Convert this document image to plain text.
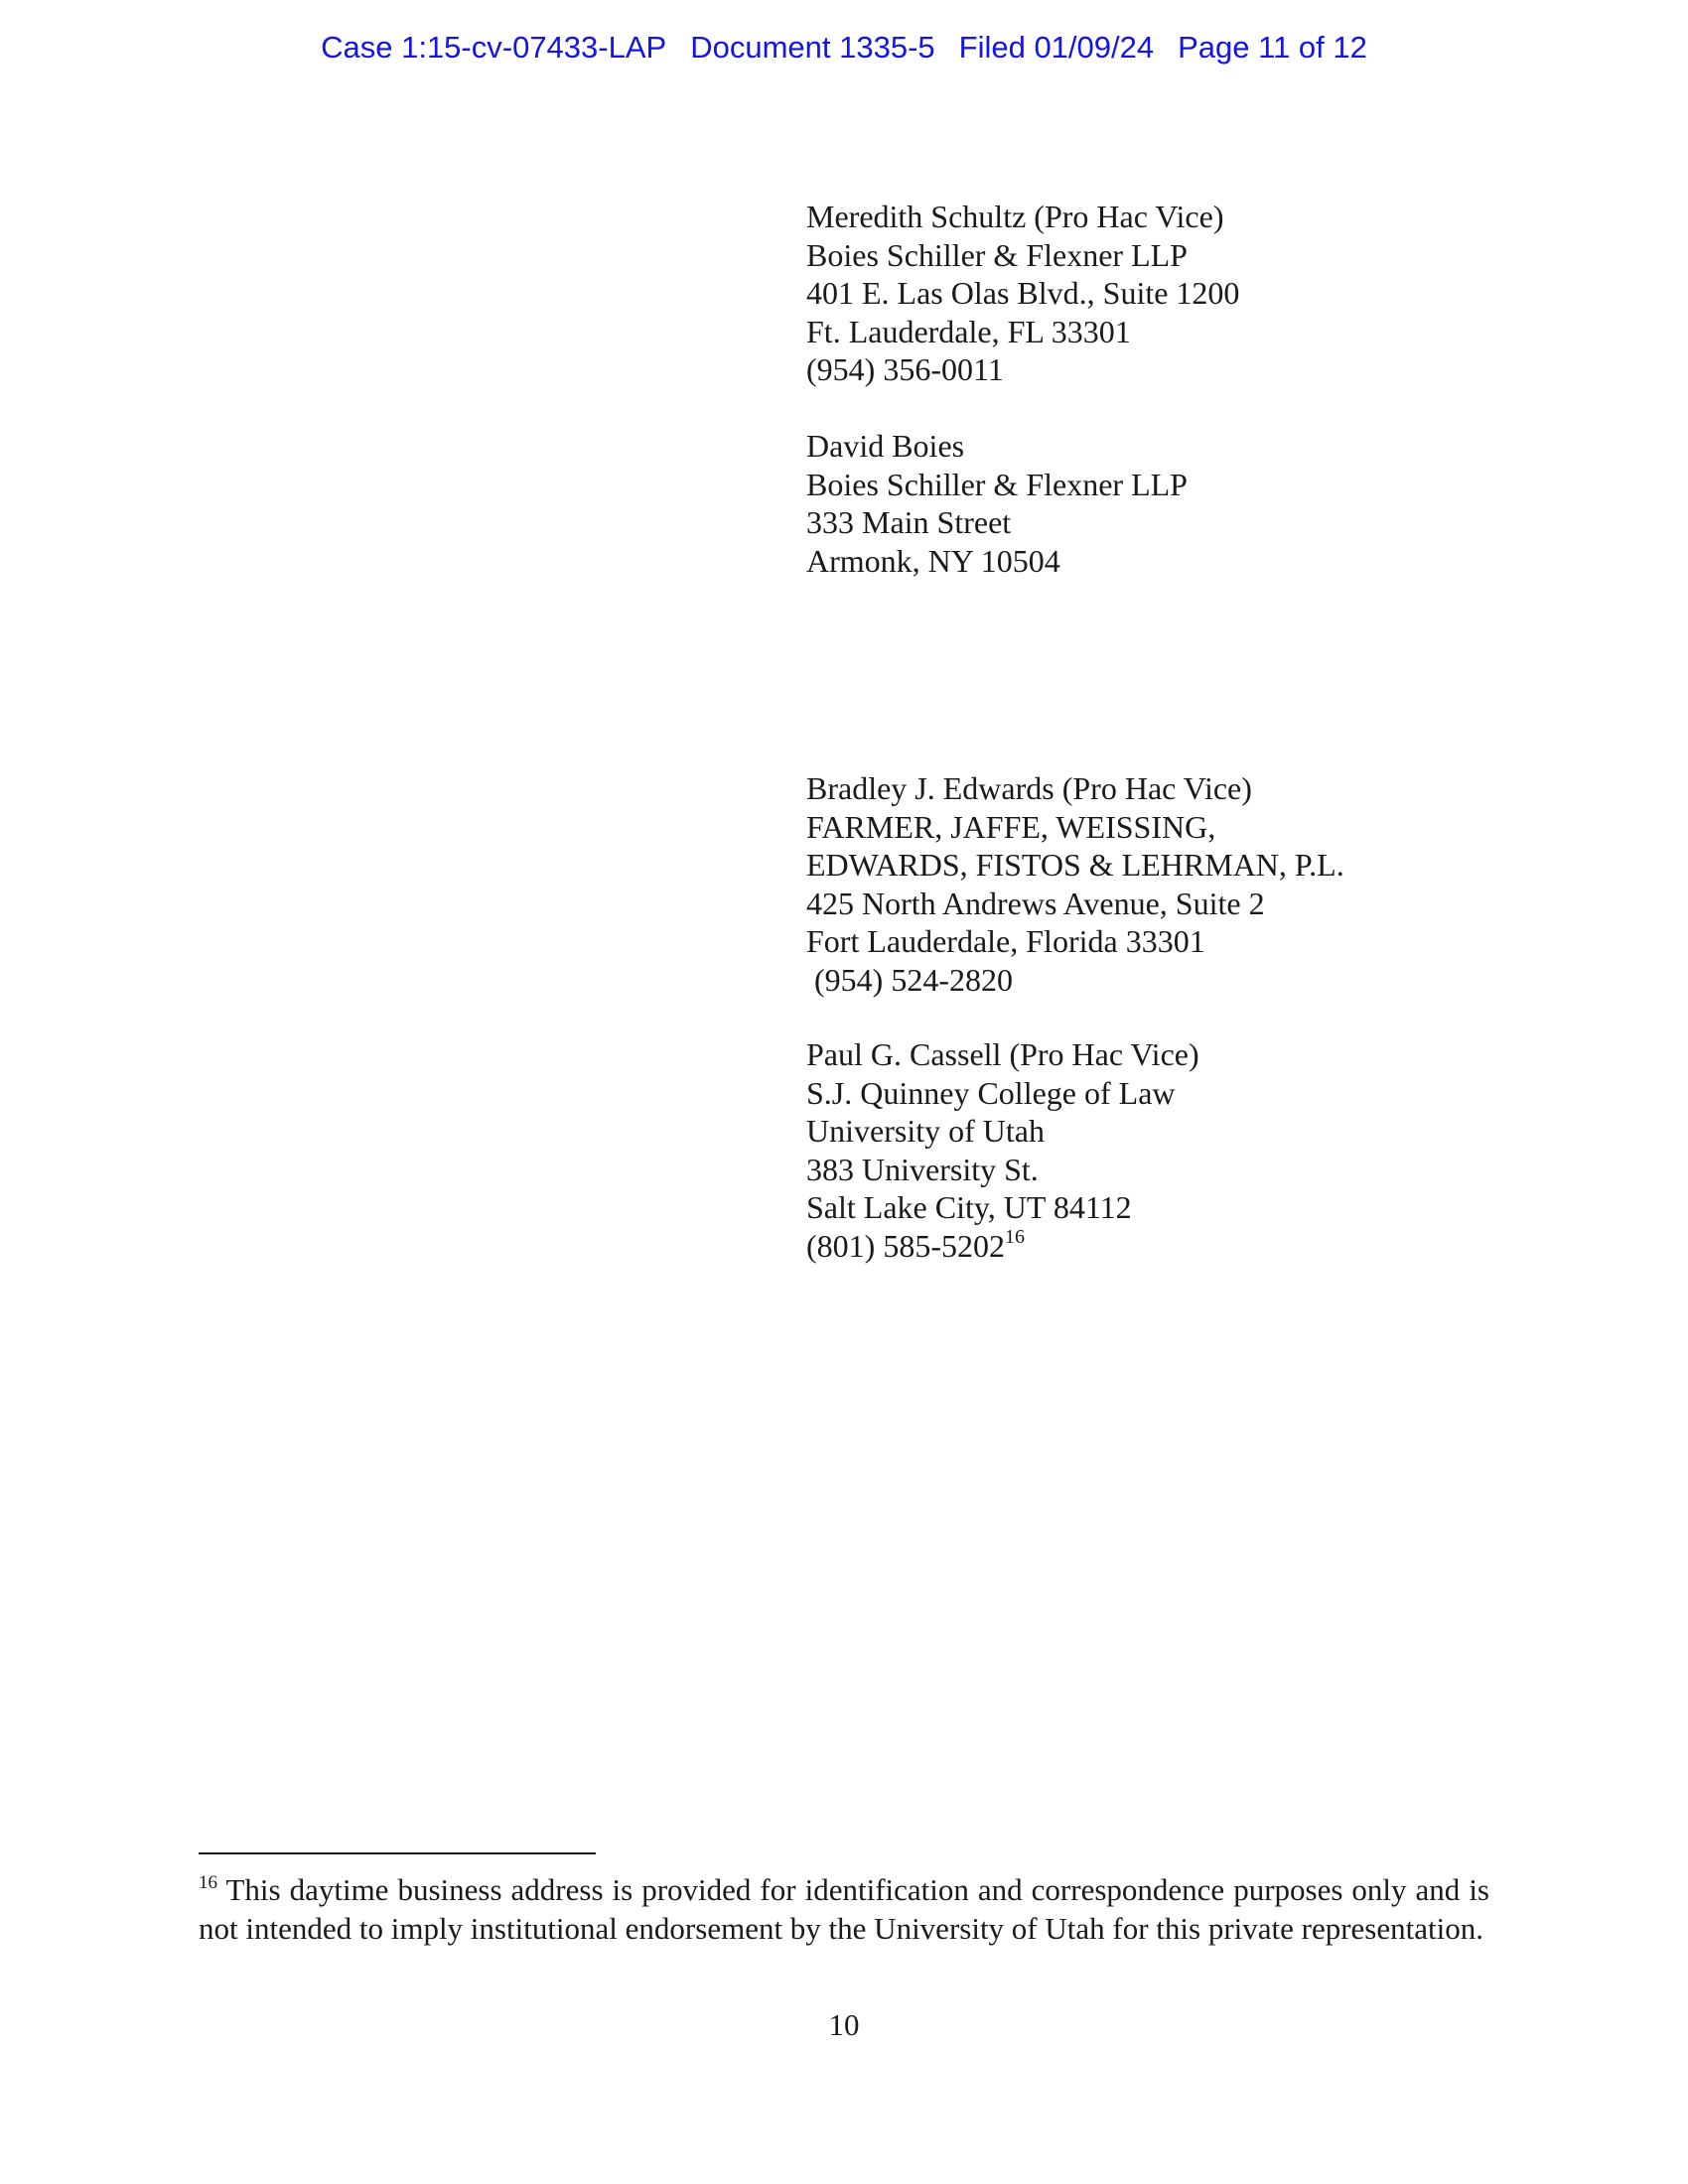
Case 1:15-cv-07433-LAP Document 1335-5 Filed 01/09/24 Page 11 of 12
Meredith Schultz (Pro Hac Vice)
Boies Schiller & Flexner LLP
401 E. Las Olas Blvd., Suite 1200
Ft. Lauderdale, FL 33301
(954) 356-0011
David Boies
Boies Schiller & Flexner LLP
333 Main Street
Armonk, NY 10504
Bradley J. Edwards (Pro Hac Vice)
FARMER, JAFFE, WEISSING,
EDWARDS, FISTOS & LEHRMAN, P.L.
425 North Andrews Avenue, Suite 2
Fort Lauderdale, Florida 33301
(954) 524-2820
Paul G. Cassell (Pro Hac Vice)
S.J. Quinney College of Law
University of Utah
383 University St.
Salt Lake City, UT 84112
(801) 585-5202$^{16}$
$^{16}$ This daytime business address is provided for identification and correspondence purposes only and is not intended to imply institutional endorsement by the University of Utah for this private representation.
10
